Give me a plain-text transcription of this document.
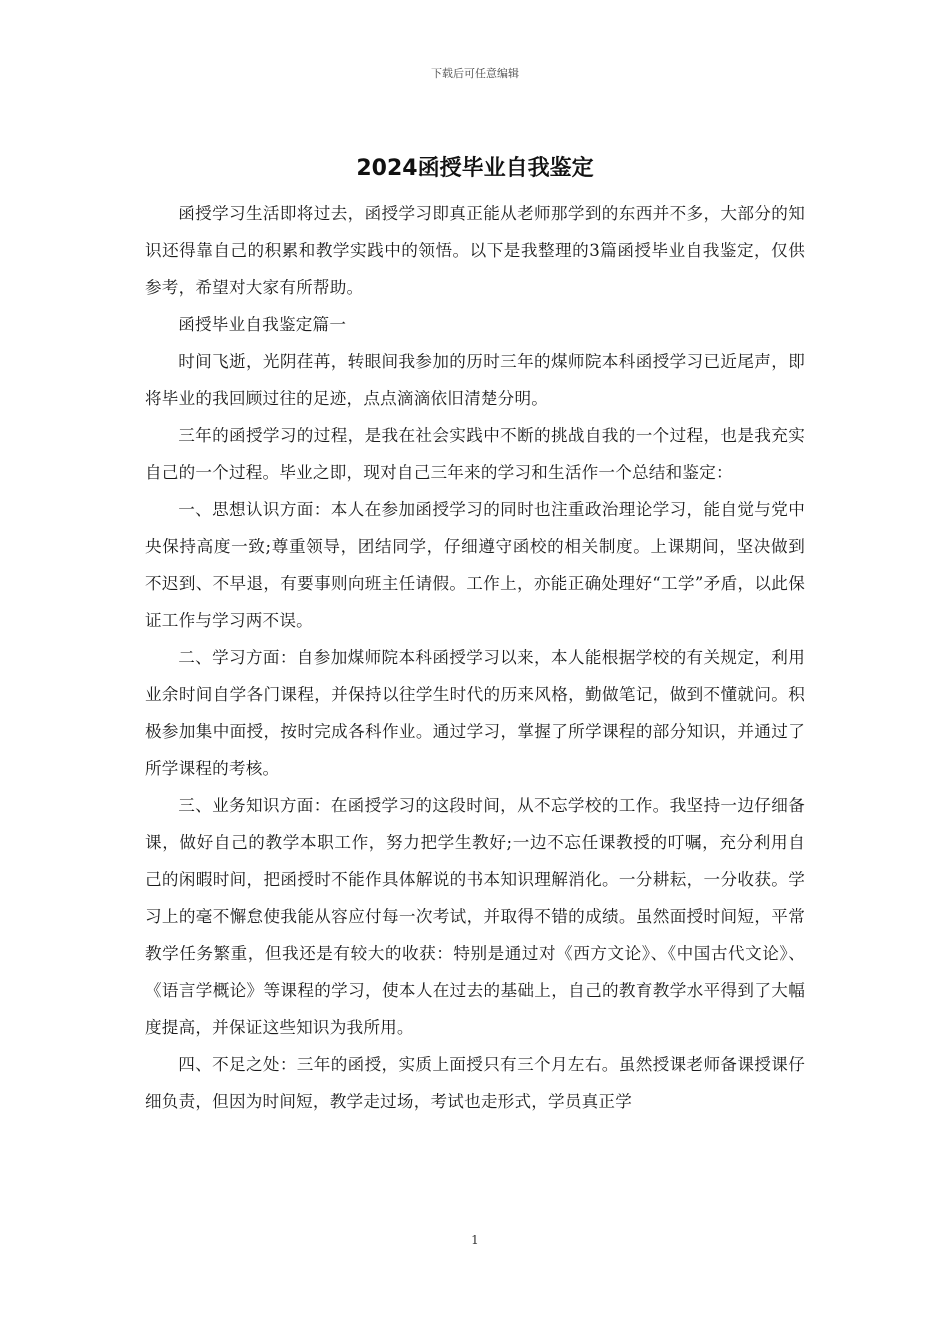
下载后可任意编辑
2024函授毕业自我鉴定

函授学习生活即将过去，函授学习即真正能从老师那学到的东西并不多，大部分的知识还得靠自己的积累和教学实践中的领悟。以下是我整理的3篇函授毕业自我鉴定，仅供参考，希望对大家有所帮助。

函授毕业自我鉴定篇一

时间飞逝，光阴荏苒，转眼间我参加的历时三年的煤师院本科函授学习已近尾声，即将毕业的我回顾过往的足迹，点点滴滴依旧清楚分明。

三年的函授学习的过程，是我在社会实践中不断的挑战自我的一个过程，也是我充实自己的一个过程。毕业之即，现对自己三年来的学习和生活作一个总结和鉴定：

一、思想认识方面：本人在参加函授学习的同时也注重政治理论学习，能自觉与党中央保持高度一致;尊重领导，团结同学，仔细遵守函校的相关制度。上课期间，坚决做到不迟到、不早退，有要事则向班主任请假。工作上，亦能正确处理好“工学”矛盾，以此保证工作与学习两不误。

二、学习方面：自参加煤师院本科函授学习以来，本人能根据学校的有关规定，利用业余时间自学各门课程，并保持以往学生时代的历来风格，勤做笔记，做到不懂就问。积极参加集中面授，按时完成各科作业。通过学习，掌握了所学课程的部分知识，并通过了所学课程的考核。

三、业务知识方面：在函授学习的这段时间，从不忘学校的工作。我坚持一边仔细备课，做好自己的教学本职工作，努力把学生教好;一边不忘任课教授的叮嘱，充分利用自己的闲暇时间，把函授时不能作具体解说的书本知识理解消化。一分耕耘，一分收获。学习上的毫不懈怠使我能从容应付每一次考试，并取得不错的成绩。虽然面授时间短，平常教学任务繁重，但我还是有较大的收获：特别是通过对《西方文论》、《中国古代文论》、《语言学概论》等课程的学习，使本人在过去的基础上，自己的教育教学水平得到了大幅度提高，并保证这些知识为我所用。

四、不足之处：三年的函授，实质上面授只有三个月左右。虽然授课老师备课授课仔细负责，但因为时间短，教学走过场，考试也走形式，学员真正学

1
